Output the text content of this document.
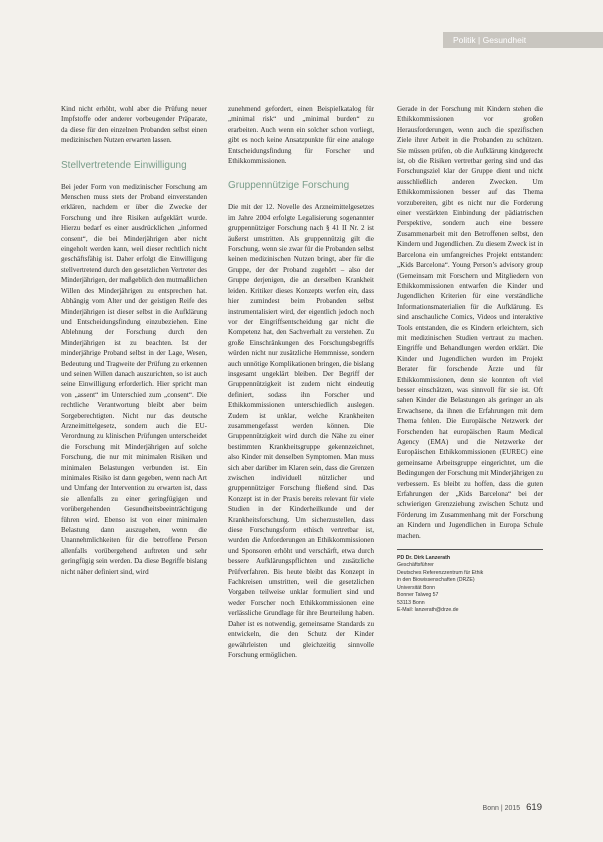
Politik | Gesundheit

Kind nicht erhöht, wohl aber die Prüfung neuer Impfstoffe oder anderer vorbeugender Präparate, da diese für den einzelnen Probanden selbst einen medizinischen Nutzen erwarten lassen.

Stellvertretende Einwilligung

Bei jeder Form von medizinischer Forschung am Menschen muss stets der Proband einverstanden erklären, nachdem er über die Zwecke der Forschung und ihre Risiken aufgeklärt wurde. Hierzu bedarf es einer ausdrücklichen „informed consent“, die bei Minderjährigen aber nicht eingeholt werden kann, weil dieser rechtlich nicht geschäftsfähig ist. Daher erfolgt die Einwilligung stellvertretend durch den gesetzlichen Vertreter des Minderjährigen, der maßgeblich den mutmaßlichen Willen des Minderjährigen zu entsprechen hat. Abhängig vom Alter und der geistigen Reife des Minderjährigen ist dieser selbst in die Aufklärung und Entscheidungsfindung einzubeziehen. Eine Ablehnung der Forschung durch den Minderjährigen ist zu beachten. Ist der minderjährige Proband selbst in der Lage, Wesen, Bedeutung und Tragweite der Prüfung zu erkennen und seinen Willen danach auszurichten, so ist auch seine Einwilligung erforderlich. Hier spricht man von „assent“ im Unterschied zum „consent“. Die rechtliche Verantwortung bleibt aber beim Sorgeberechtigten. Nicht nur das deutsche Arzneimittelgesetz, sondern auch die EU-Verordnung zu klinischen Prüfungen unterscheidet die Forschung mit Minderjährigen auf solche Forschung, die nur mit minimalen Risiken und minimalen Belastungen verbunden ist. Ein minimales Risiko ist dann gegeben, wenn nach Art und Umfang der Intervention zu erwarten ist, dass sie allenfalls zu einer geringfügigen und vorübergehenden Gesundheitsbeeinträchtigung führen wird. Ebenso ist von einer minimalen Belastung dann auszugehen, wenn die Unannehmlichkeiten für die betroffene Person allenfalls vorübergehend auftreten und sehr geringfügig sein werden. Da diese Begriffe bislang nicht näher definiert sind, wird

zunehmend gefordert, einen Beispielkatalog für „minimal risk“ und „minimal burden“ zu erarbeiten. Auch wenn ein solcher schon vorliegt, gibt es noch keine Ansatzpunkte für eine analoge Entscheidungsfindung für Forscher und Ethikkommissionen.

Gruppennützige Forschung

Die mit der 12. Novelle des Arzneimittelgesetzes im Jahre 2004 erfolgte Legalisierung sogenannter gruppennütziger Forschung nach § 41 II Nr. 2 ist äußerst umstritten. Als gruppennützig gilt die Forschung, wenn sie zwar für die Probanden selbst keinen medizinischen Nutzen bringt, aber für die Gruppe, der der Proband zugehört – also der Gruppe derjenigen, die an derselben Krankheit leiden. Kritiker dieses Konzepts werfen ein, dass hier zumindest beim Probanden selbst instrumentalisiert wird, der eigentlich jedoch noch vor der Eingriffsentscheidung gar nicht die Kompetenz hat, den Sachverhalt zu verstehen. Zu große Einschränkungen des Forschungsbegriffs würden nicht nur zusätzliche Hemmnisse, sondern auch unnötige Komplikationen bringen, die bislang insgesamt ungeklärt bleiben. Der Begriff der Gruppennützigkeit ist zudem nicht eindeutig definiert, sodass ihn Forscher und Ethikkommissionen unterschiedlich auslegen. Zudem ist unklar, welche Krankheiten zusammengefasst werden können. Die Gruppennützigkeit wird durch die Nähe zu einer bestimmten Krankheitsgruppe gekennzeichnet, also Kinder mit denselben Symptomen. Man muss sich aber darüber im Klaren sein, dass die Grenzen zwischen individuell nützlicher und gruppennütziger Forschung fließend sind. Das Konzept ist in der Praxis bereits relevant für viele Studien in der Kinderheilkunde und der Krankheitsforschung. Um sicherzustellen, dass diese Forschungsform ethisch vertretbar ist, wurden die Anforderungen an Ethikkommissionen und Sponsoren erhöht und verschärft, etwa durch bessere Aufklärungspflichten und zusätzliche Prüfverfahren. Bis heute bleibt das Konzept in Fachkreisen umstritten, weil die gesetzlichen Vorgaben teilweise unklar formuliert sind und weder Forscher noch Ethikkommissionen eine verlässliche Grundlage für ihre Beurteilung haben. Daher ist es notwendig, gemeinsame Standards zu entwickeln, die den Schutz der Kinder gewährleisten und gleichzeitig sinnvolle Forschung ermöglichen.

Gerade in der Forschung mit Kindern stehen die Ethikkommissionen vor großen Herausforderungen, wenn auch die spezifischen Ziele ihrer Arbeit in die Probanden zu schützen. Sie müssen prüfen, ob die Aufklärung kindgerecht ist, ob die Risiken vertretbar gering sind und das Forschungsziel klar der Gruppe dient und nicht ausschließlich anderen Zwecken. Um Ethikkommissionen besser auf das Thema vorzubereiten, gibt es nicht nur die Forderung einer verstärkten Einbindung der pädiatrischen Perspektive, sondern auch eine bessere Zusammenarbeit mit den Betroffenen selbst, den Kindern und Jugendlichen. Zu diesem Zweck ist in Barcelona ein umfangreiches Projekt entstanden: „Kids Barcelona“. Young Person’s advisory group (Gemeinsam mit Forschern und Mitgliedern von Ethikkommissionen entwarfen die Kinder und Jugendlichen Kriterien für eine verständliche Informationsmaterialien für die Aufklärung. Es sind anschauliche Comics, Videos und interaktive Tools entstanden, die es Kindern erleichtern, sich mit medizinischen Studien vertraut zu machen. Eingriffe und Behandlungen werden erklärt. Die Kinder und Jugendlichen wurden im Projekt Berater für forschende Ärzte und für Ethikkommissionen, denn sie konnten oft viel besser einschätzen, was sinnvoll für sie ist. Oft sahen Kinder die Belastungen als geringer an als Erwachsene, da ihnen die Erfahrungen mit dem Thema fehlen. Die Europäische Netzwerk der Forschenden hat europäischen Raum Medical Agency (EMA) und die Netzwerke der Europäischen Ethikkommissionen (EUREC) eine gemeinsame Arbeitsgruppe eingerichtet, um die Bedingungen der Forschung mit Minderjährigen zu verbessern. Es bleibt zu hoffen, dass die guten Erfahrungen der „Kids Barcelona“ bei der schwierigen Grenzziehung zwischen Schutz und Förderung im Zusammenhang mit der Forschung an Kindern und Jugendlichen in Europa Schule machen.

PD Dr. Dirk Lanzerath
Geschäftsführer
Deutsches Referenzzentrum für Ethik
in den Biowissenschaften (DRZE)
Universität Bonn
Bonner Talweg 57
53113 Bonn
E-Mail: lanzerath@drze.de
Bonn | 2015 619
